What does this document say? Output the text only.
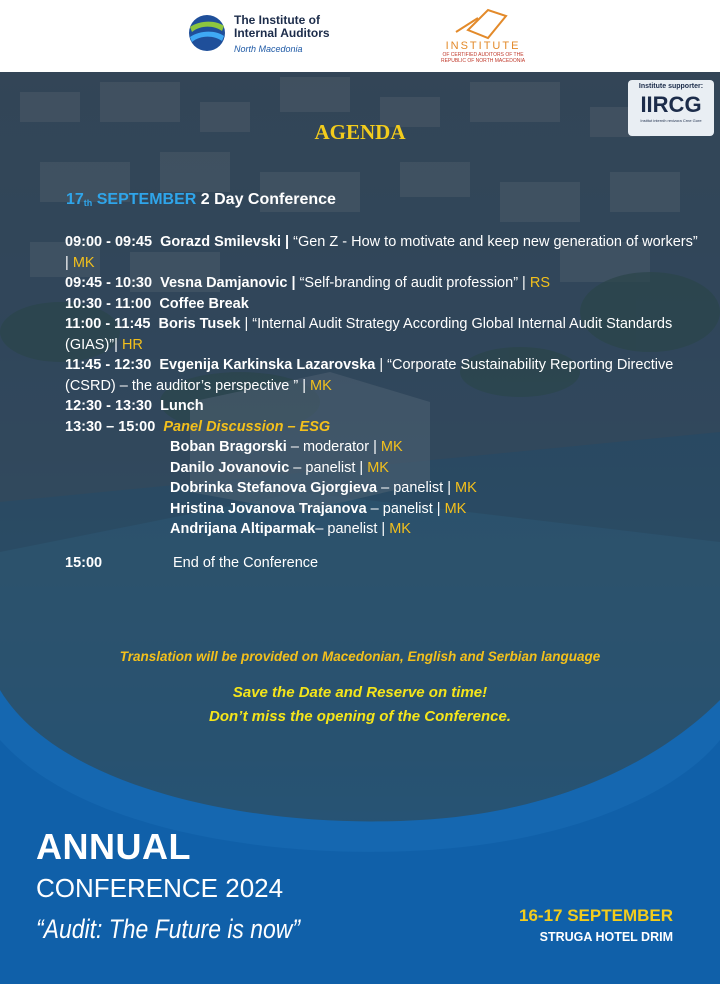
The Institute of
Internal Auditors
North Macedonia	INSTITUTE
OF CERTIFIED AUDITORS OF THE
REPUBLIC OF NORTH MACEDONIA
Institute supporter:
IIRCG
Institut internih revizora Crne Gore
AGENDA
17th SEPTEMBER 2 Day Conference
09:00 - 09:45 Gorazd Smilevski | “Gen Z - How to motivate and keep new generation of workers” | MK
09:45 - 10:30 Vesna Damjanovic | “Self-branding of audit profession” | RS
10:30 - 11:00 Coffee Break
11:00 - 11:45 Boris Tusek | “Internal Audit Strategy According Global Internal Audit Standards (GIAS)”| HR
11:45 - 12:30 Evgenija Karkinska Lazarovska | “Corporate Sustainability Reporting Directive (CSRD) – the auditor’s perspective ” | MK
12:30 - 13:30 Lunch
13:30 – 15:00 Panel Discussion – ESG
Boban Bragorski – moderator | MK
Danilo Jovanovic – panelist | MK
Dobrinka Stefanova Gjorgieva – panelist | MK
Hristina Jovanova Trajanova – panelist | MK
Andrijana Altiparmak– panelist | MK
15:00	End of the Conference
Translation will be provided on Macedonian, English and Serbian language
Save the Date and Reserve on time!
Don’t miss the opening of the Conference.
ANNUAL
CONFERENCE 2024
“Audit: The Future is now”	16-17 SEPTEMBER
STRUGA HOTEL DRIM
